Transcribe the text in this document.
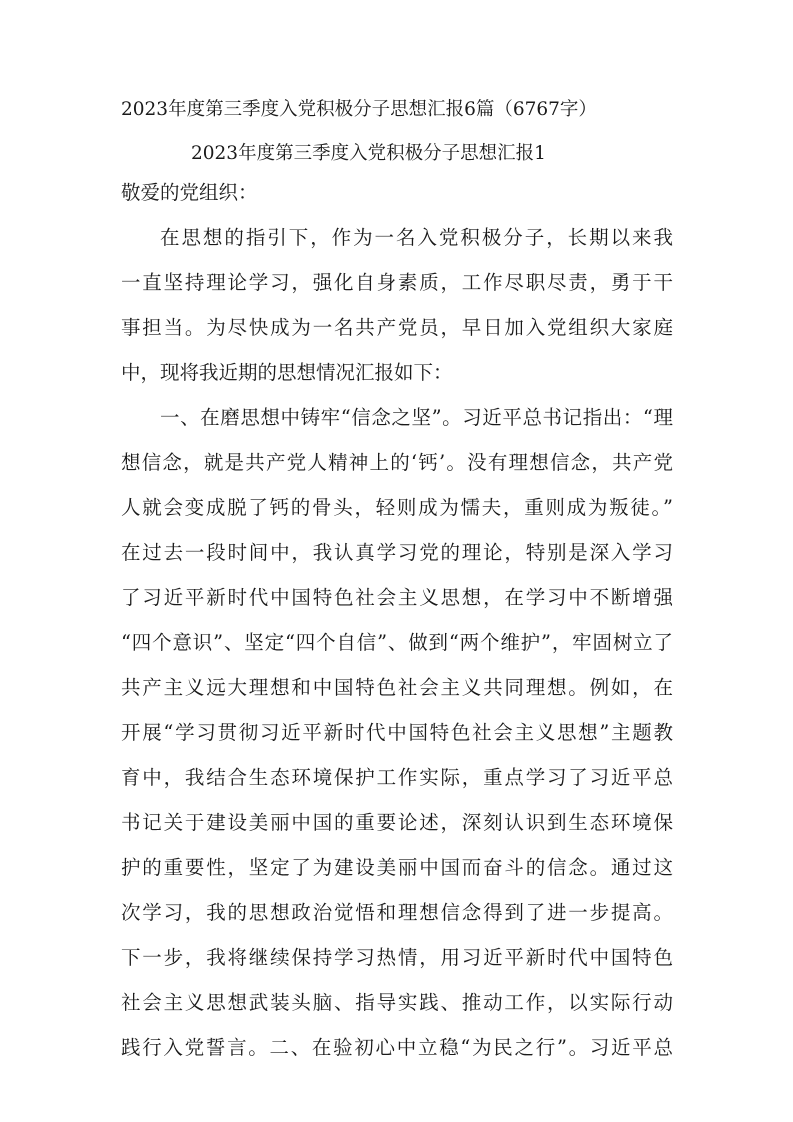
2023年度第三季度入党积极分子思想汇报6篇（6767字）
2023年度第三季度入党积极分子思想汇报1
敬爱的党组织：
在思想的指引下，作为一名入党积极分子，长期以来我
一直坚持理论学习，强化自身素质，工作尽职尽责，勇于干
事担当。为尽快成为一名共产党员，早日加入党组织大家庭
中，现将我近期的思想情况汇报如下：
一、在磨思想中铸牢“信念之坚”。习近平总书记指出：“理
想信念，就是共产党人精神上的‘钙’。没有理想信念，共产党
人就会变成脱了钙的骨头，轻则成为懦夫，重则成为叛徒。”
在过去一段时间中，我认真学习党的理论，特别是深入学习
了习近平新时代中国特色社会主义思想，在学习中不断增强
“四个意识”、坚定“四个自信”、做到“两个维护”，牢固树立了
共产主义远大理想和中国特色社会主义共同理想。例如，在
开展“学习贯彻习近平新时代中国特色社会主义思想”主题教
育中，我结合生态环境保护工作实际，重点学习了习近平总
书记关于建设美丽中国的重要论述，深刻认识到生态环境保
护的重要性，坚定了为建设美丽中国而奋斗的信念。通过这
次学习，我的思想政治觉悟和理想信念得到了进一步提高。
下一步，我将继续保持学习热情，用习近平新时代中国特色
社会主义思想武装头脑、指导实践、推动工作，以实际行动
践行入党誓言。二、在验初心中立稳“为民之行”。习近平总
